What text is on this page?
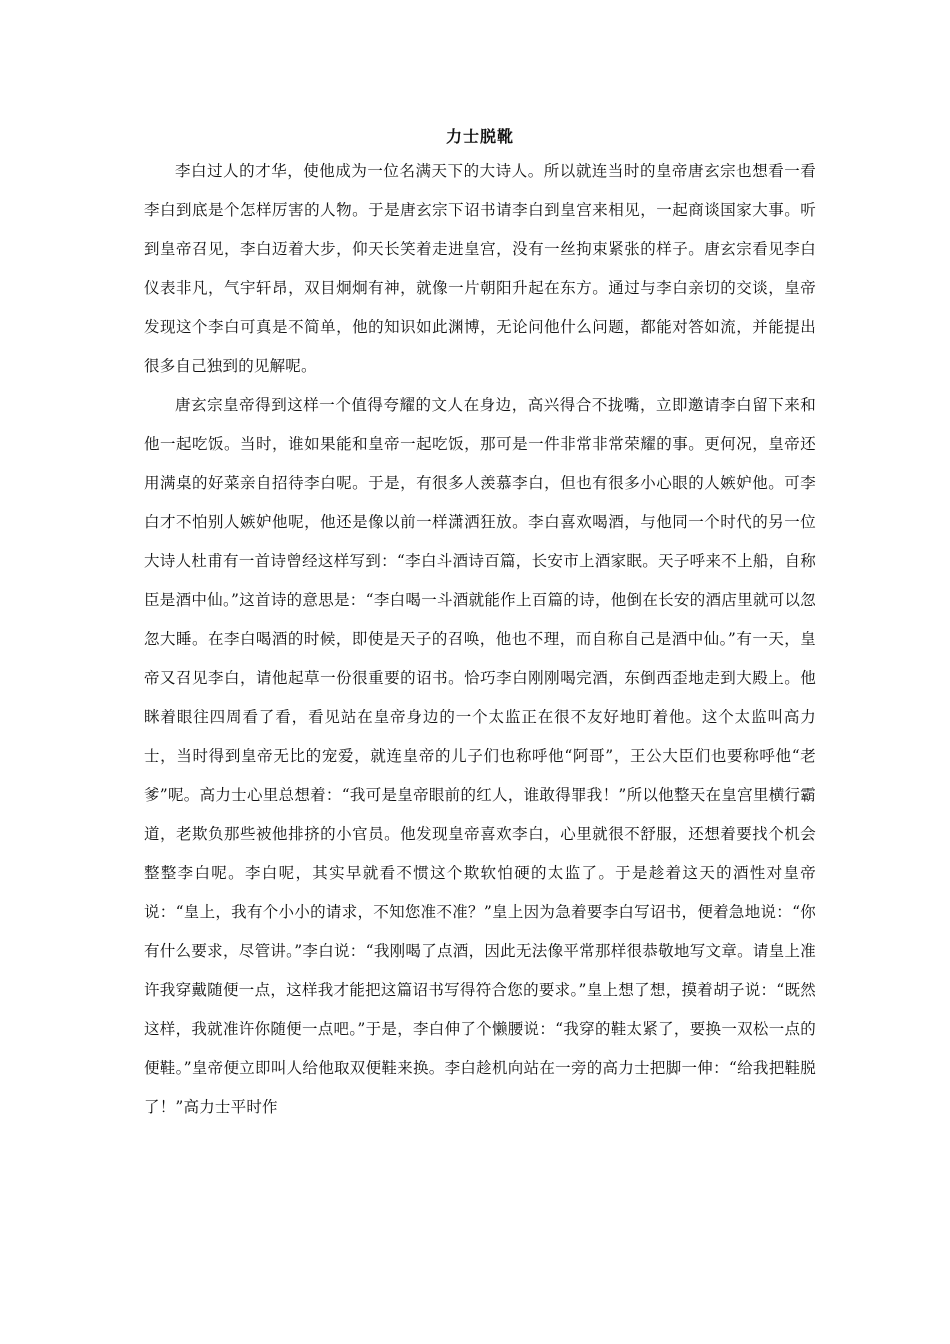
力士脱靴

李白过人的才华，使他成为一位名满天下的大诗人。所以就连当时的皇帝唐玄宗也想看一看李白到底是个怎样厉害的人物。于是唐玄宗下诏书请李白到皇宫来相见，一起商谈国家大事。听到皇帝召见，李白迈着大步，仰天长笑着走进皇宫，没有一丝拘束紧张的样子。唐玄宗看见李白仪表非凡，气宇轩昂，双目炯炯有神，就像一片朝阳升起在东方。通过与李白亲切的交谈，皇帝发现这个李白可真是不简单，他的知识如此渊博，无论问他什么问题，都能对答如流，并能提出很多自己独到的见解呢。

唐玄宗皇帝得到这样一个值得夸耀的文人在身边，高兴得合不拢嘴，立即邀请李白留下来和他一起吃饭。当时，谁如果能和皇帝一起吃饭，那可是一件非常非常荣耀的事。更何况，皇帝还用满桌的好菜亲自招待李白呢。于是，有很多人羡慕李白，但也有很多小心眼的人嫉妒他。可李白才不怕别人嫉妒他呢，他还是像以前一样潇洒狂放。李白喜欢喝酒，与他同一个时代的另一位大诗人杜甫有一首诗曾经这样写到：“李白斗酒诗百篇，长安市上酒家眠。天子呼来不上船，自称臣是酒中仙。”这首诗的意思是：“李白喝一斗酒就能作上百篇的诗，他倒在长安的酒店里就可以忽忽大睡。在李白喝酒的时候，即使是天子的召唤，他也不理，而自称自己是酒中仙。”有一天，皇帝又召见李白，请他起草一份很重要的诏书。恰巧李白刚刚喝完酒，东倒西歪地走到大殿上。他眯着眼往四周看了看，看见站在皇帝身边的一个太监正在很不友好地盯着他。这个太监叫高力士，当时得到皇帝无比的宠爱，就连皇帝的儿子们也称呼他“阿哥”，王公大臣们也要称呼他“老爹”呢。高力士心里总想着：“我可是皇帝眼前的红人，谁敢得罪我！”所以他整天在皇宫里横行霸道，老欺负那些被他排挤的小官员。他发现皇帝喜欢李白，心里就很不舒服，还想着要找个机会整整李白呢。李白呢，其实早就看不惯这个欺软怕硬的太监了。于是趁着这天的酒性对皇帝说：“皇上，我有个小小的请求，不知您准不准？”皇上因为急着要李白写诏书，便着急地说：“你有什么要求，尽管讲。”李白说：“我刚喝了点酒，因此无法像平常那样很恭敬地写文章。请皇上准许我穿戴随便一点，这样我才能把这篇诏书写得符合您的要求。”皇上想了想，摸着胡子说：“既然这样，我就准许你随便一点吧。”于是，李白伸了个懒腰说：“我穿的鞋太紧了，要换一双松一点的便鞋。”皇帝便立即叫人给他取双便鞋来换。李白趁机向站在一旁的高力士把脚一伸：“给我把鞋脱了！”高力士平时作
